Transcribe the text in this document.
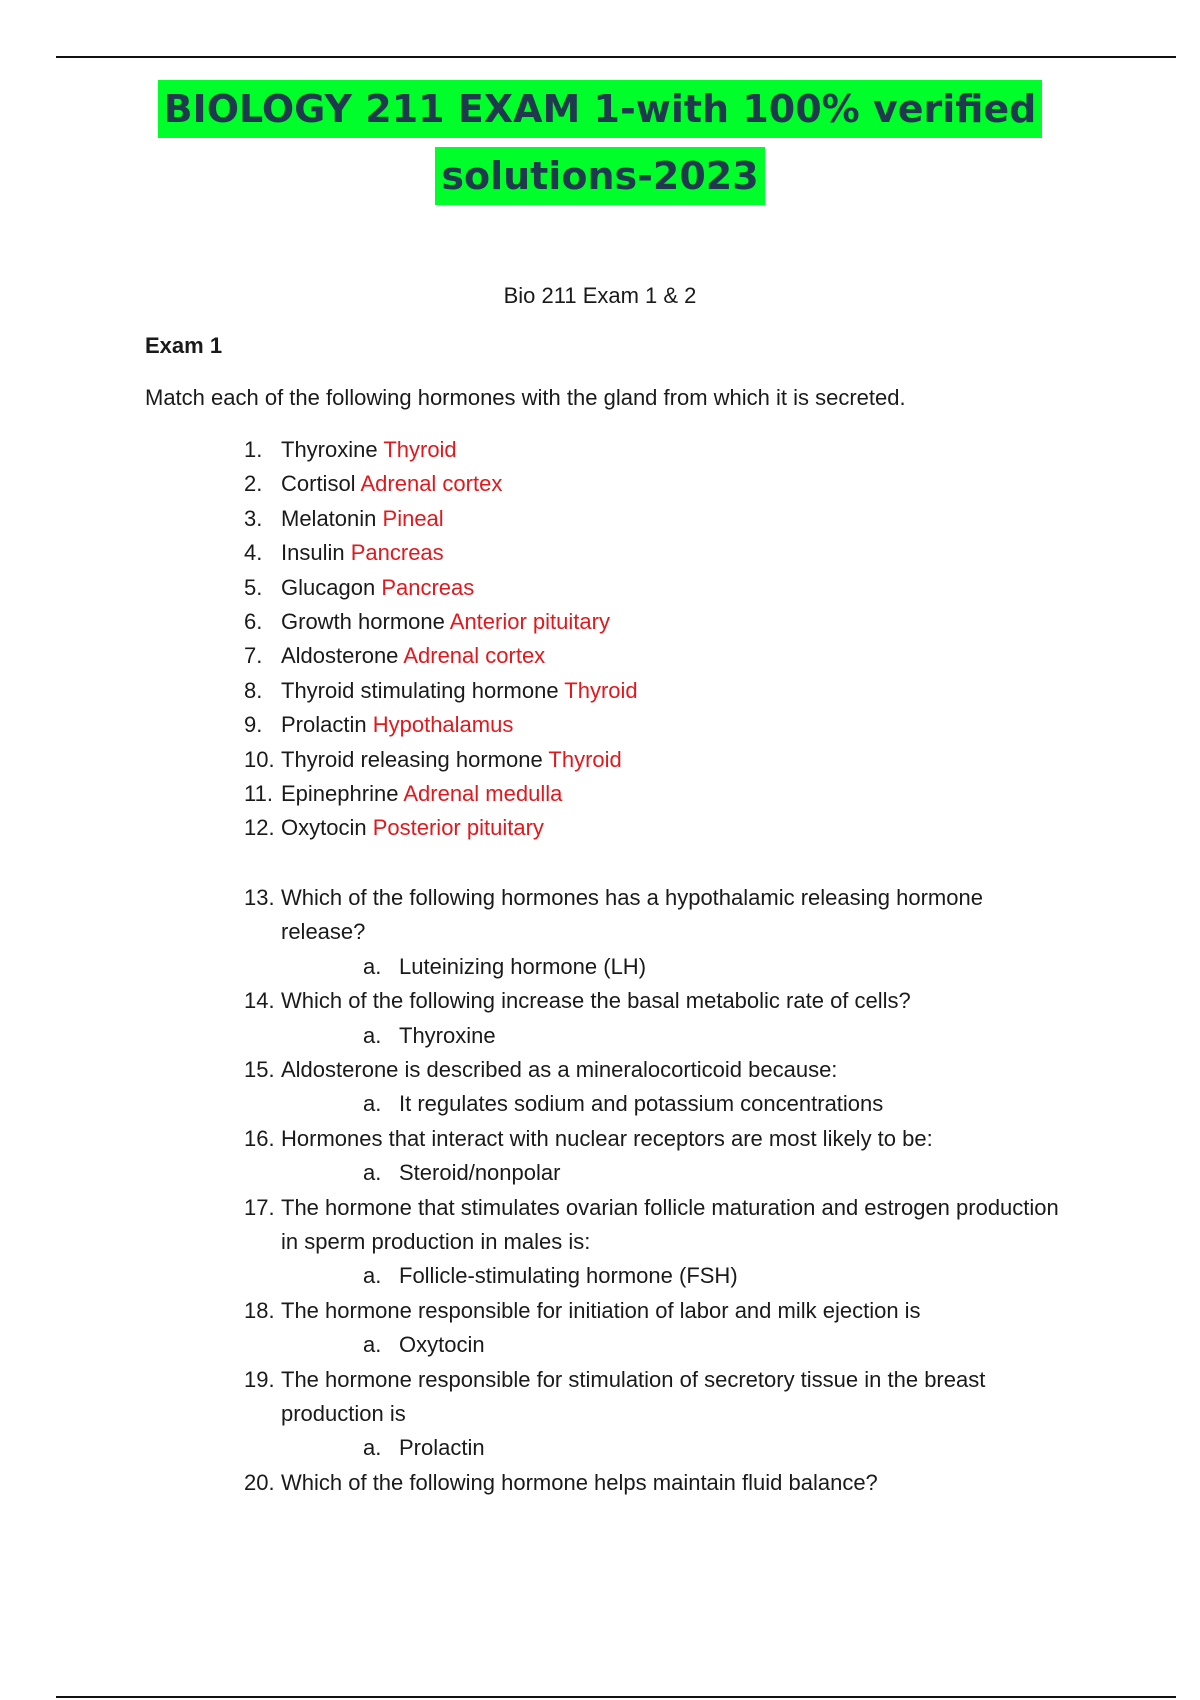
BIOLOGY 211 EXAM 1-with 100% verified
solutions-2023
Bio 211 Exam 1 & 2
Exam 1
Match each of the following hormones with the gland from which it is secreted.
1. Thyroxine Thyroid
2. Cortisol Adrenal cortex
3. Melatonin Pineal
4. Insulin Pancreas
5. Glucagon Pancreas
6. Growth hormone Anterior pituitary
7. Aldosterone Adrenal cortex
8. Thyroid stimulating hormone Thyroid
9. Prolactin Hypothalamus
10. Thyroid releasing hormone Thyroid
11. Epinephrine Adrenal medulla
12. Oxytocin Posterior pituitary
13. Which of the following hormones has a hypothalamic releasing hormone release?
a. Luteinizing hormone (LH)
14. Which of the following increase the basal metabolic rate of cells?
a. Thyroxine
15. Aldosterone is described as a mineralocorticoid because:
a. It regulates sodium and potassium concentrations
16. Hormones that interact with nuclear receptors are most likely to be:
a. Steroid/nonpolar
17. The hormone that stimulates ovarian follicle maturation and estrogen production in sperm production in males is:
a. Follicle-stimulating hormone (FSH)
18. The hormone responsible for initiation of labor and milk ejection is
a. Oxytocin
19. The hormone responsible for stimulation of secretory tissue in the breast production is
a. Prolactin
20. Which of the following hormone helps maintain fluid balance?
